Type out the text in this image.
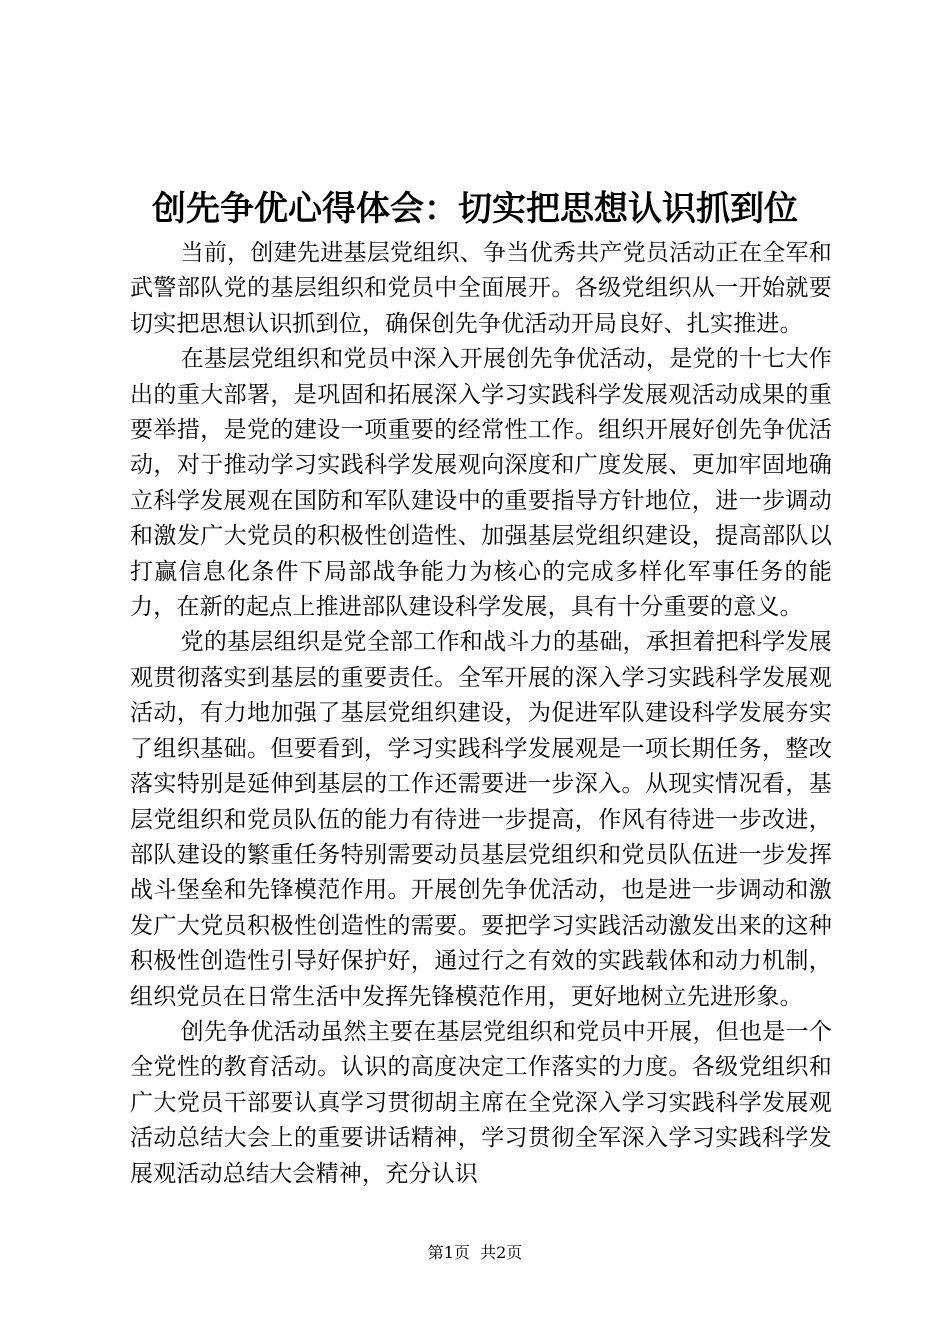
创先争优心得体会：切实把思想认识抓到位

当前，创建先进基层党组织、争当优秀共产党员活动正在全军和武警部队党的基层组织和党员中全面展开。各级党组织从一开始就要切实把思想认识抓到位，确保创先争优活动开局良好、扎实推进。

在基层党组织和党员中深入开展创先争优活动，是党的十七大作出的重大部署，是巩固和拓展深入学习实践科学发展观活动成果的重要举措，是党的建设一项重要的经常性工作。组织开展好创先争优活动，对于推动学习实践科学发展观向深度和广度发展、更加牢固地确立科学发展观在国防和军队建设中的重要指导方针地位，进一步调动和激发广大党员的积极性创造性、加强基层党组织建设，提高部队以打赢信息化条件下局部战争能力为核心的完成多样化军事任务的能力，在新的起点上推进部队建设科学发展，具有十分重要的意义。

党的基层组织是党全部工作和战斗力的基础，承担着把科学发展观贯彻落实到基层的重要责任。全军开展的深入学习实践科学发展观活动，有力地加强了基层党组织建设，为促进军队建设科学发展夯实了组织基础。但要看到，学习实践科学发展观是一项长期任务，整改落实特别是延伸到基层的工作还需要进一步深入。从现实情况看，基层党组织和党员队伍的能力有待进一步提高，作风有待进一步改进，部队建设的繁重任务特别需要动员基层党组织和党员队伍进一步发挥战斗堡垒和先锋模范作用。开展创先争优活动，也是进一步调动和激发广大党员积极性创造性的需要。要把学习实践活动激发出来的这种积极性创造性引导好保护好，通过行之有效的实践载体和动力机制，组织党员在日常生活中发挥先锋模范作用，更好地树立先进形象。

创先争优活动虽然主要在基层党组织和党员中开展，但也是一个全党性的教育活动。认识的高度决定工作落实的力度。各级党组织和广大党员干部要认真学习贯彻胡主席在全党深入学习实践科学发展观活动总结大会上的重要讲话精神，学习贯彻全军深入学习实践科学发展观活动总结大会精神，充分认识

第1页  共2页
